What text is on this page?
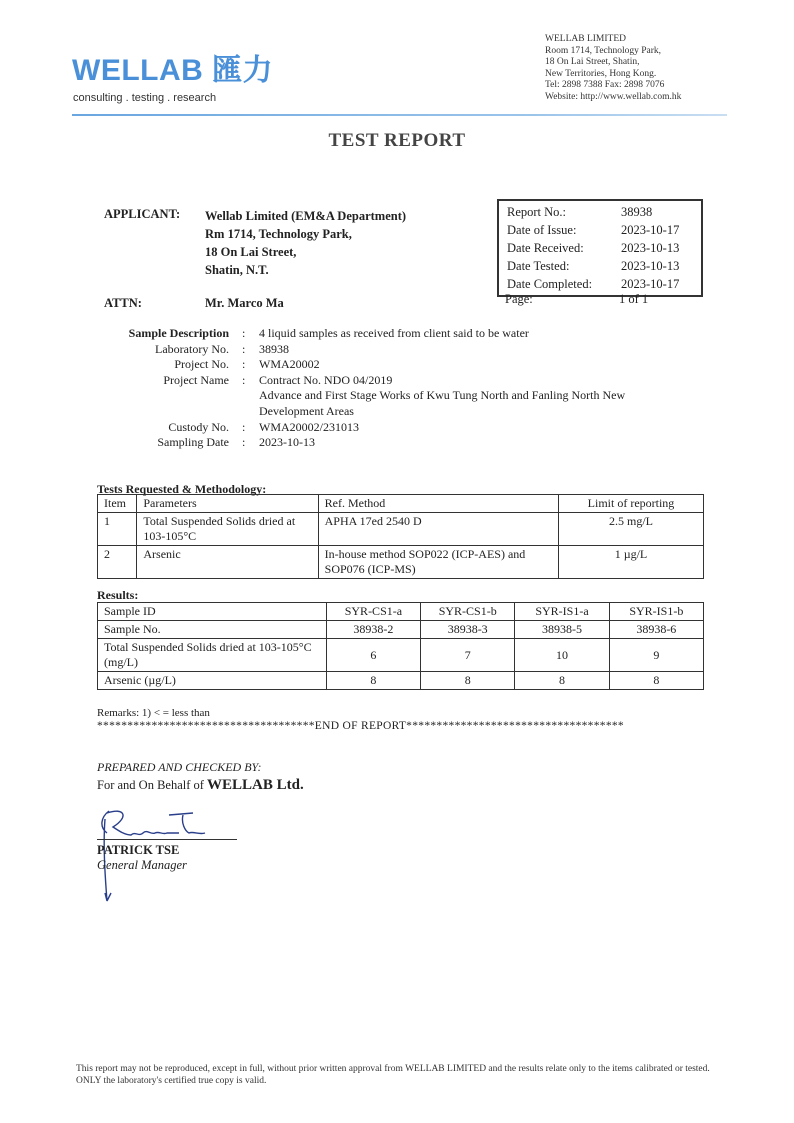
WELLAB 匯力
consulting . testing . research
WELLAB LIMITED
Room 1714, Technology Park,
18 On Lai Street, Shatin,
New Territories, Hong Kong.
Tel: 2898 7388 Fax: 2898 7076
Website: http://www.wellab.com.hk
TEST REPORT
APPLICANT: Wellab Limited (EM&A Department)
Rm 1714, Technology Park,
18 On Lai Street,
Shatin, N.T.
ATTN:	Mr. Marco Ma
Report No.:	38938
Date of Issue:	2023-10-17
Date Received:	2023-10-13
Date Tested:	2023-10-13
Date Completed: 2023-10-17
Page:	1 of 1
Sample Description : 4 liquid samples as received from client said to be water
Laboratory No. : 38938
Project No. : WMA20002
Project Name : Contract No. NDO 04/2019
Advance and First Stage Works of Kwu Tung North and Fanling North New
Development Areas
Custody No. : WMA20002/231013
Sampling Date : 2023-10-13
Tests Requested & Methodology:
Item	Parameters	Ref. Method	Limit of reporting
1	Total Suspended Solids dried at 103-105°C	APHA 17ed 2540 D	2.5 mg/L
2	Arsenic	In-house method SOP022 (ICP-AES) and SOP076 (ICP-MS)	1 µg/L
Results:
Sample ID	SYR-CS1-a	SYR-CS1-b	SYR-IS1-a	SYR-IS1-b
Sample No.	38938-2	38938-3	38938-5	38938-6
Total Suspended Solids dried at 103-105°C (mg/L)	6	7	10	9
Arsenic (µg/L)	8	8	8	8
Remarks: 1) < = less than
************************************END OF REPORT************************************
PREPARED AND CHECKED BY:
For and On Behalf of WELLAB Ltd.
PATRICK TSE
General Manager
This report may not be reproduced, except in full, without prior written approval from WELLAB LIMITED and the results relate only to the items calibrated or tested. ONLY the laboratory's certified true copy is valid.
